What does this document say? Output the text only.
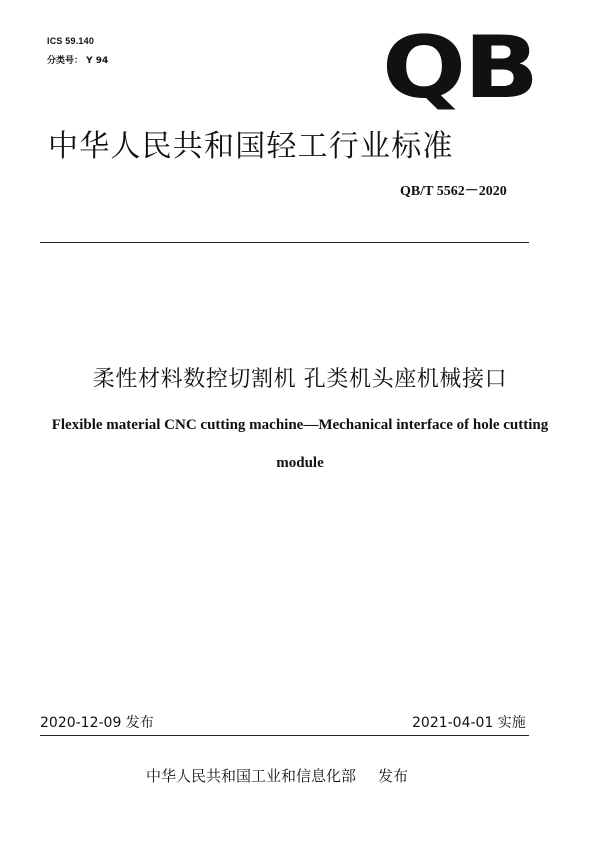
ICS 59.140
分类号： Y 94	QB
中华人民共和国轻工行业标准
QB/T 5562－2020
柔性材料数控切割机 孔类机头座机械接口
Flexible material CNC cutting machine—Mechanical interface of hole cutting module
2020-12-09 发布	2021-04-01 实施
中华人民共和国工业和信息化部 发布
